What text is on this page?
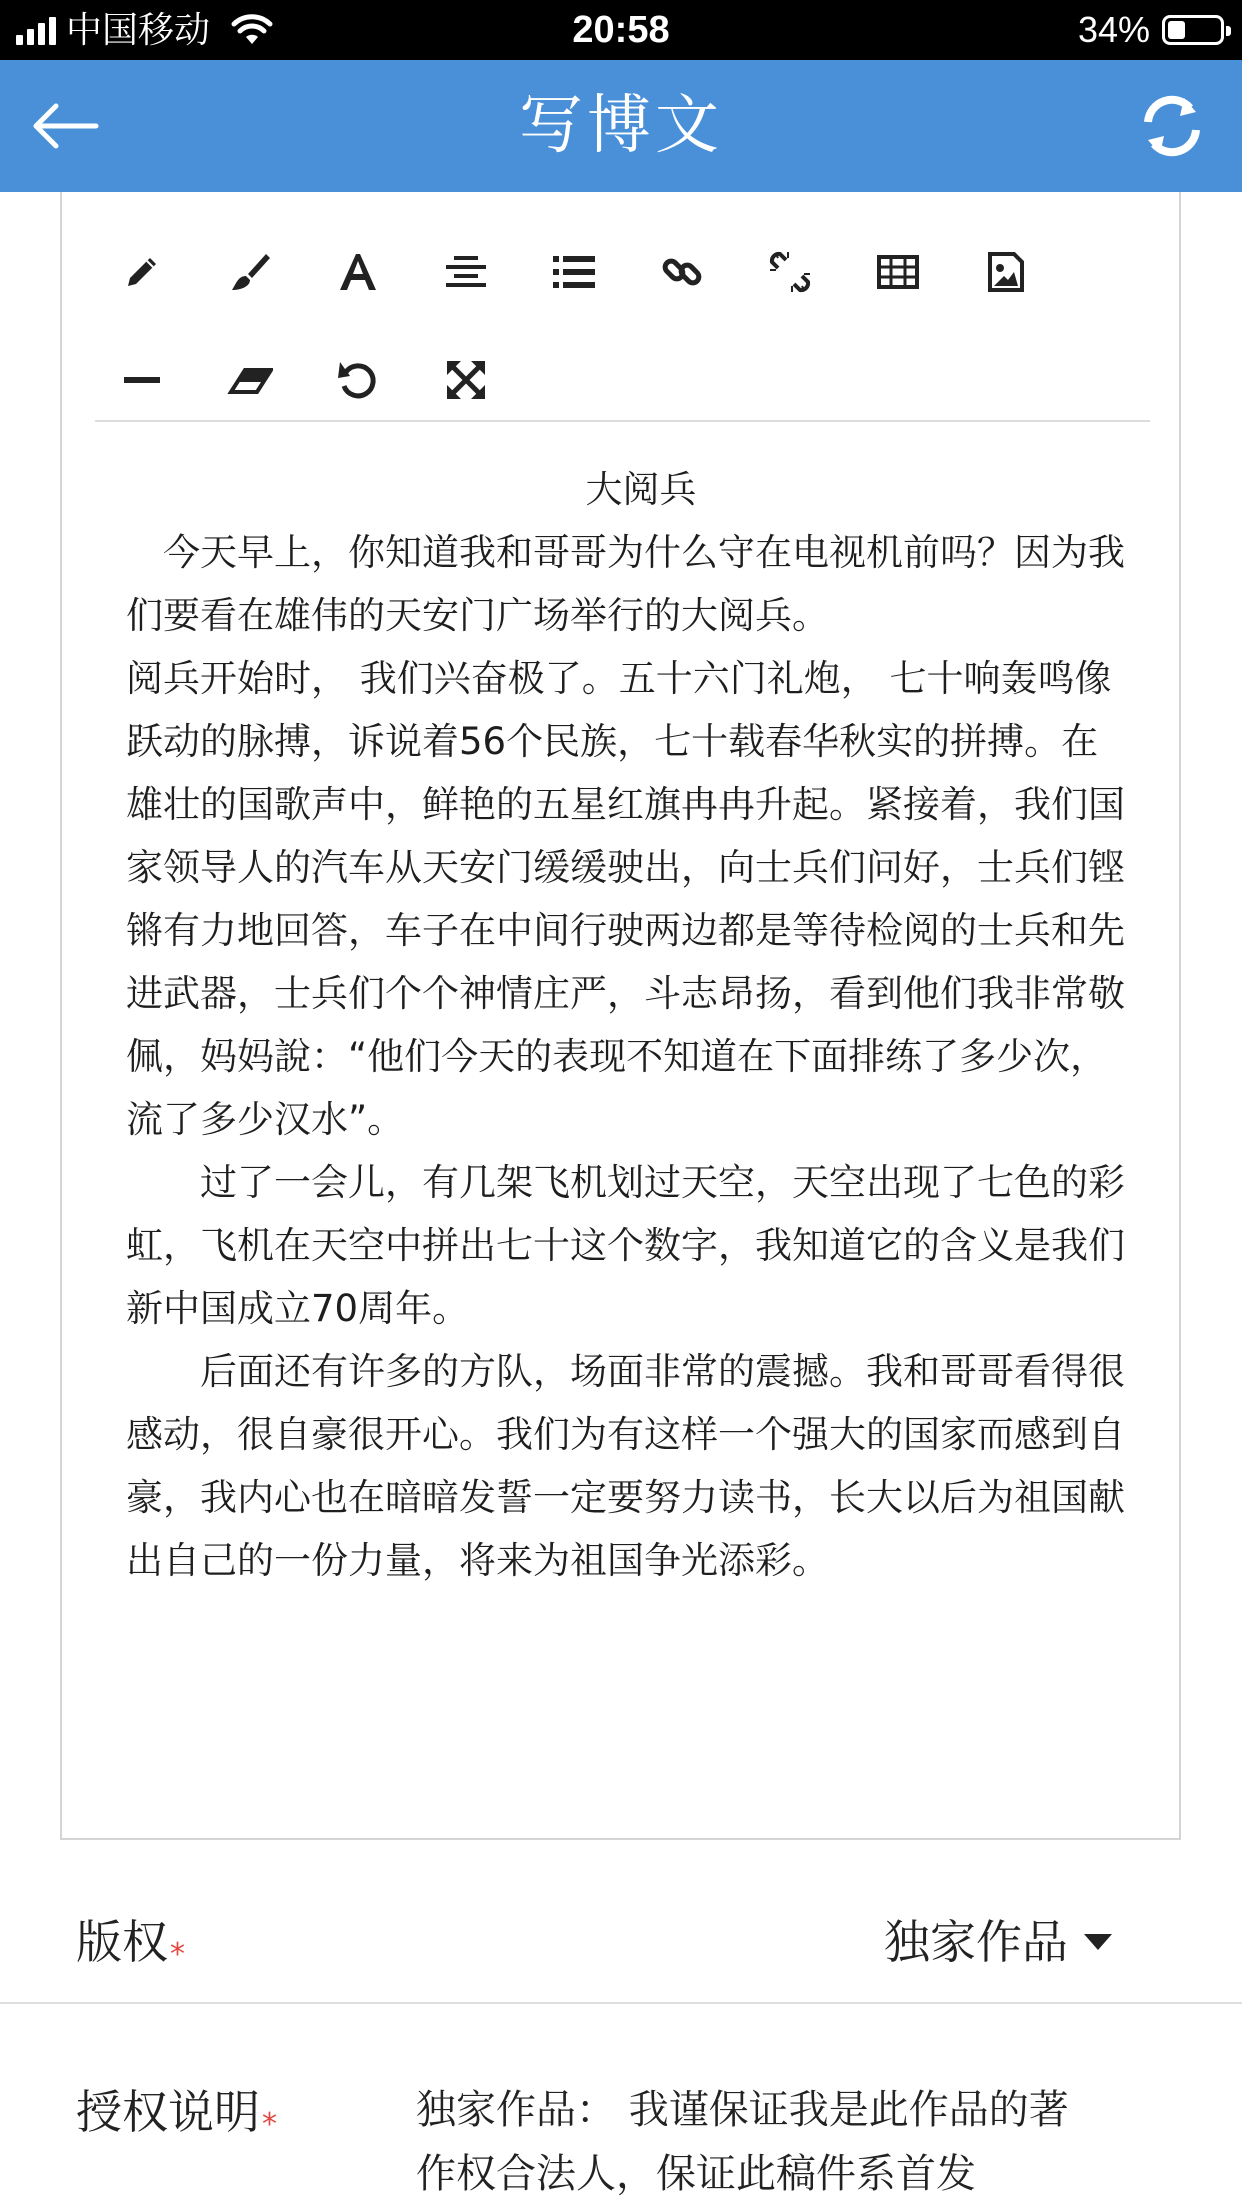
中国移动	20:58	34%
写博文

大阅兵

　今天早上，你知道我和哥哥为什么守在电视机前吗？因为我们要看在雄伟的天安门广场举行的大阅兵。

阅兵开始时， 我们兴奋极了。五十六门礼炮， 七十响轰鸣像跃动的脉搏，诉说着56个民族，七十载春华秋实的拼搏。在雄壮的国歌声中，鲜艳的五星红旗冉冉升起。紧接着，我们国家领导人的汽车从天安门缓缓驶出，向士兵们问好，士兵们铿锵有力地回答，车子在中间行驶两边都是等待检阅的士兵和先进武器，士兵们个个神情庄严，斗志昂扬，看到他们我非常敬佩，妈妈說：“他们今天的表现不知道在下面排练了多少次，流了多少汉水”。

　　过了一会儿，有几架飞机划过天空，天空出现了七色的彩虹，飞机在天空中拼出七十这个数字，我知道它的含义是我们新中国成立70周年。

　　后面还有许多的方队，场面非常的震撼。我和哥哥看得很感动，很自豪很开心。我们为有这样一个强大的国家而感到自豪，我内心也在暗暗发誓一定要努力读书，长大以后为祖国献出自己的一份力量，将来为祖国争光添彩。

版权*	独家作品
授权说明*	独家作品： 我谨保证我是此作品的著作权合法人，保证此稿件系首发
